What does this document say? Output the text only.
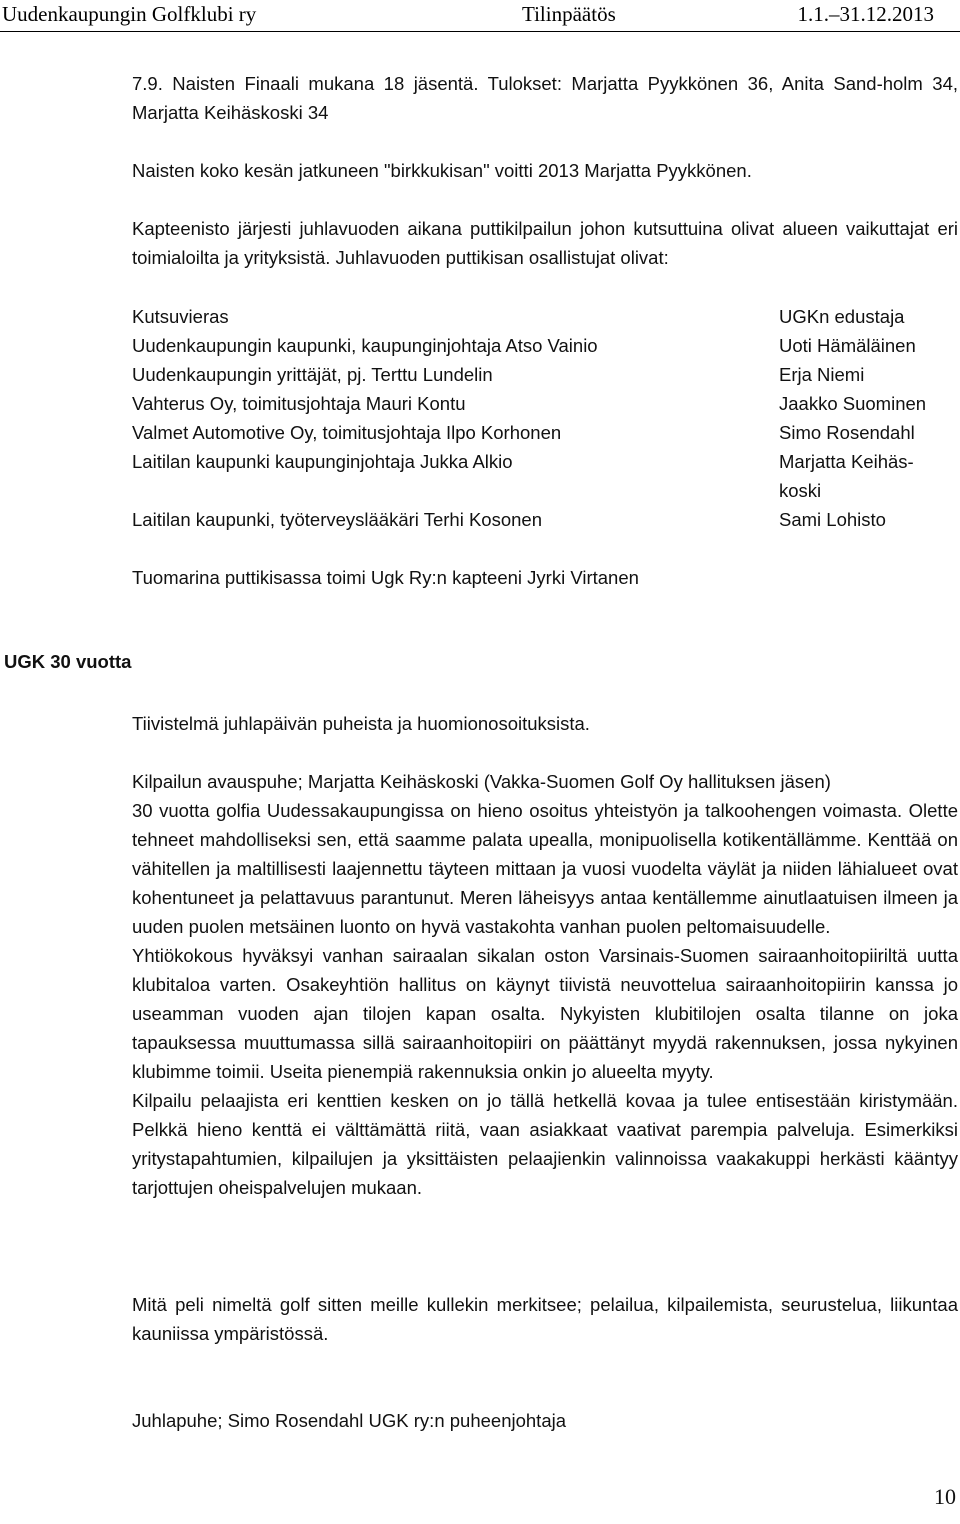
Uudenkaupungin Golfklubi ry	Tilinpäätös	1.1.–31.12.2013

7.9. Naisten Finaali mukana 18 jäsentä. Tulokset: Marjatta Pyykkönen 36, Anita Sand-holm 34, Marjatta Keihäskoski 34

Naisten koko kesän jatkuneen "birkkukisan" voitti 2013 Marjatta Pyykkönen.

Kapteenisto järjesti juhlavuoden aikana puttikilpailun johon kutsuttuina olivat alueen vaikuttajat eri toimialoilta ja yrityksistä. Juhlavuoden puttikisan osallistujat olivat:

Kutsuvieras
Uudenkaupungin kaupunki, kaupunginjohtaja Atso Vainio
Uudenkaupungin yrittäjät, pj. Terttu Lundelin
Vahterus Oy, toimitusjohtaja Mauri Kontu
Valmet Automotive Oy, toimitusjohtaja Ilpo Korhonen
Laitilan kaupunki kaupunginjohtaja Jukka Alkio
Laitilan kaupunki, työterveyslääkäri Terhi Kosonen
UGKn edustaja
Uoti Hämäläinen
Erja Niemi
Jaakko Suominen
Simo Rosendahl
Marjatta Keihäs-koski
Sami Lohisto

Tuomarina puttikisassa toimi Ugk Ry:n kapteeni Jyrki Virtanen

UGK 30 vuotta

Tiivistelmä juhlapäivän puheista ja huomionosoituksista.

Kilpailun avauspuhe; Marjatta Keihäskoski (Vakka-Suomen Golf Oy hallituksen jäsen)
30 vuotta golfia Uudessakaupungissa on hieno osoitus yhteistyön ja talkoohengen voimasta. Olette tehneet mahdolliseksi sen, että saamme palata upealla, monipuolisella kotikentällämme. Kenttää on vähitellen ja maltillisesti laajennettu täyteen mittaan ja vuosi vuodelta väylät ja niiden lähialueet ovat kohentuneet ja pelattavuus parantunut. Meren läheisyys antaa kentällemme ainutlaatuisen ilmeen ja uuden puolen metsäinen luonto on hyvä vastakohta vanhan puolen peltomaisuudelle.
Yhtiökokous hyväksyi vanhan sairaalan sikalan oston Varsinais-Suomen sairaanhoitopiiriltä uutta klubitaloa varten. Osakeyhtiön hallitus on käynyt tiivistä neuvottelua sairaanhoitopiirin kanssa jo useamman vuoden ajan tilojen kapan osalta. Nykyisten klubitilojen osalta tilanne on joka tapauksessa muuttumassa sillä sairaanhoitopiiri on päättänyt myydä rakennuksen, jossa nykyinen klubimme toimii. Useita pienempiä rakennuksia onkin jo alueelta myyty.
Kilpailu pelaajista eri kenttien kesken on jo tällä hetkellä kovaa ja tulee entisestään kiristymään. Pelkkä hieno kenttä ei välttämättä riitä, vaan asiakkaat vaativat parempia palveluja. Esimerkiksi yritystapahtumien, kilpailujen ja yksittäisten pelaajienkin valinnoissa vaakakuppi herkästi kääntyy tarjottujen oheispalvelujen mukaan.

Mitä peli nimeltä golf sitten meille kullekin merkitsee; pelailua, kilpailemista, seurustelua, liikuntaa kauniissa ympäristössä.

Juhlapuhe; Simo Rosendahl UGK ry:n puheenjohtaja

10
